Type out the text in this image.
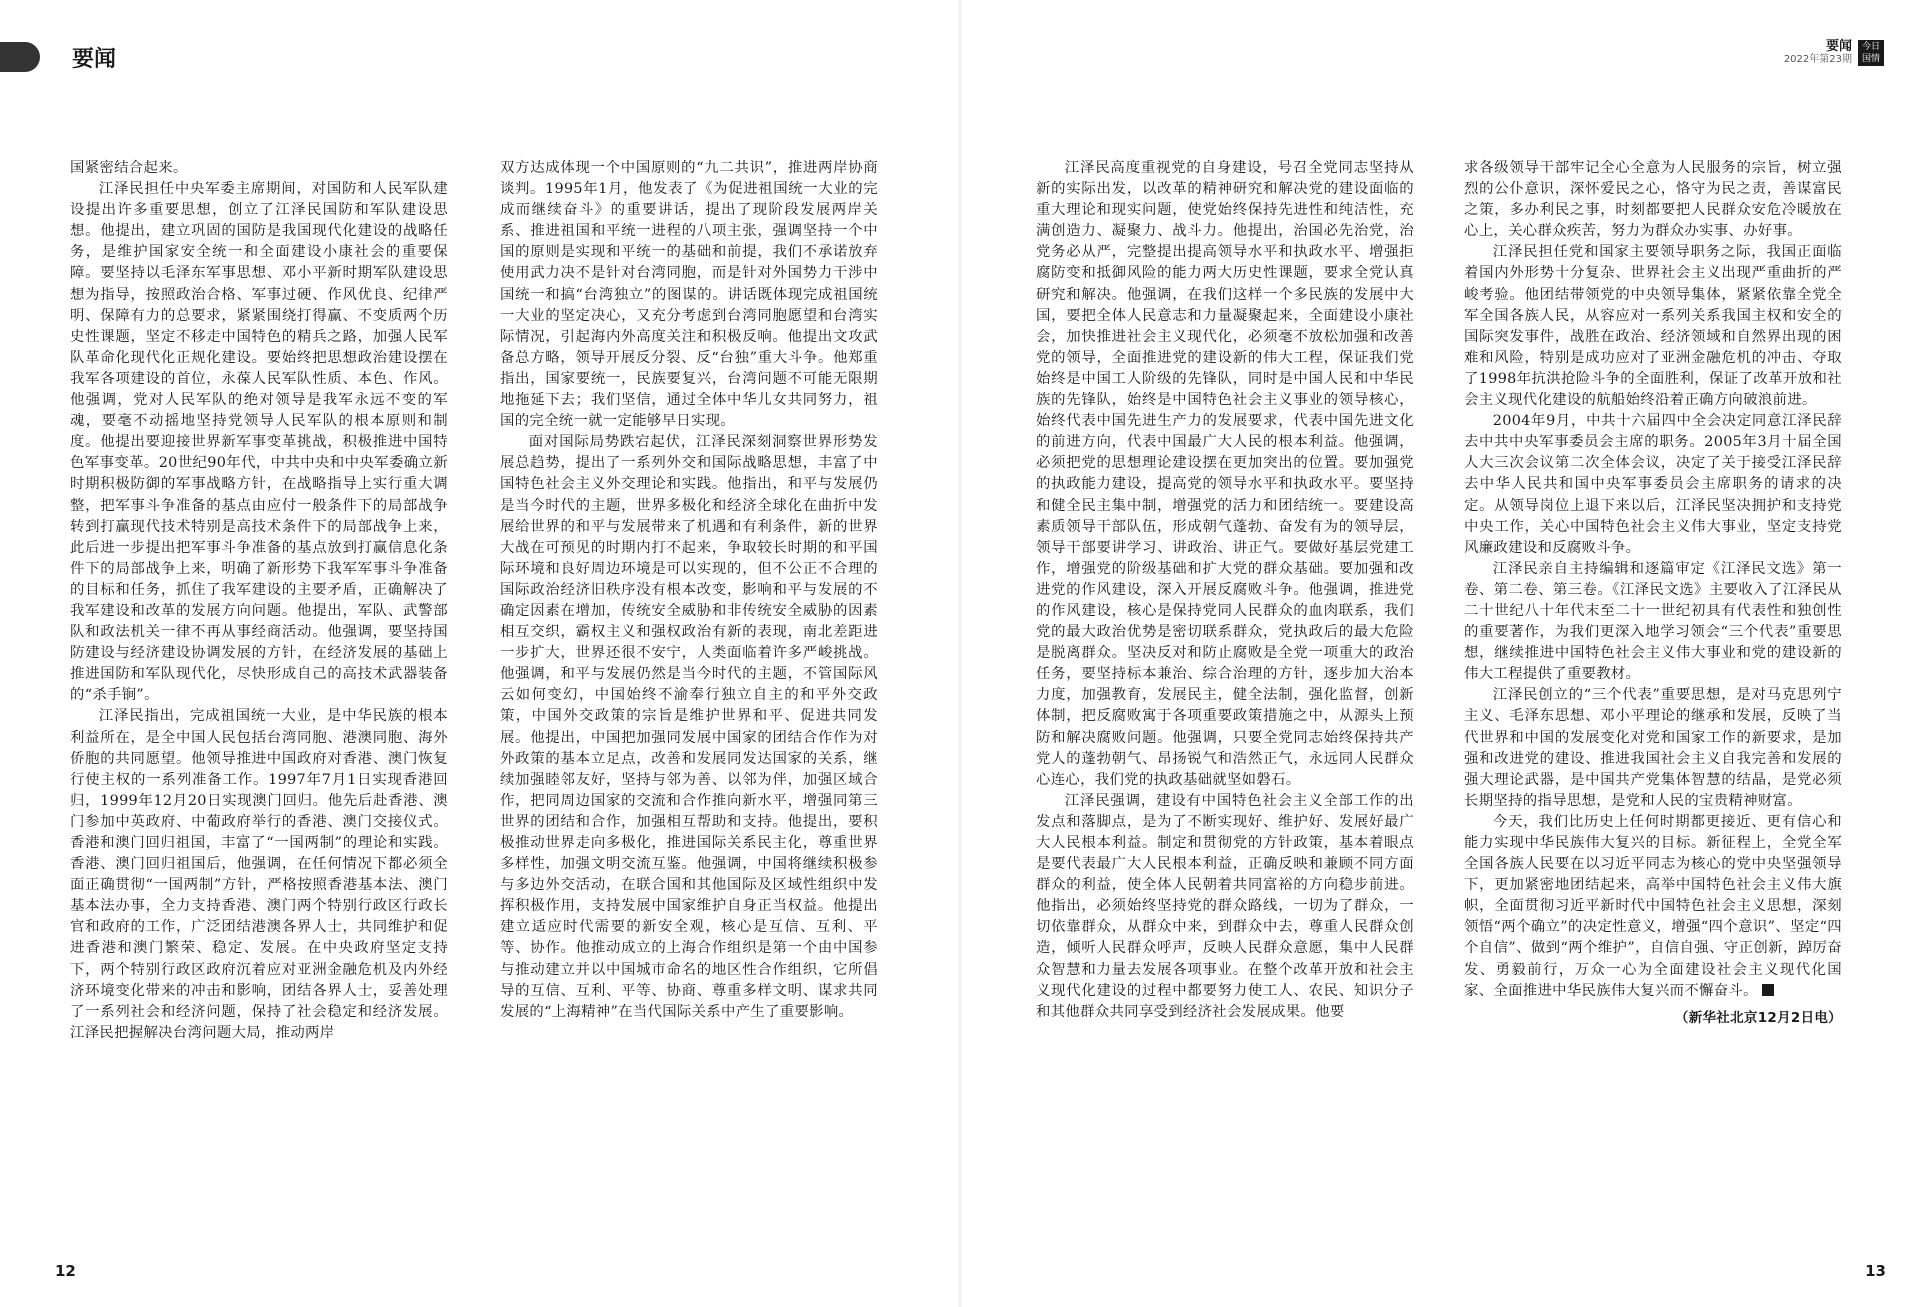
要闻

国紧密结合起来。

江泽民担任中央军委主席期间，对国防和人民军队建设提出许多重要思想，创立了江泽民国防和军队建设思想。他提出，建立巩固的国防是我国现代化建设的战略任务，是维护国家安全统一和全面建设小康社会的重要保障。要坚持以毛泽东军事思想、邓小平新时期军队建设思想为指导，按照政治合格、军事过硬、作风优良、纪律严明、保障有力的总要求，紧紧围绕打得赢、不变质两个历史性课题，坚定不移走中国特色的精兵之路，加强人民军队革命化现代化正规化建设。要始终把思想政治建设摆在我军各项建设的首位，永葆人民军队性质、本色、作风。他强调，党对人民军队的绝对领导是我军永远不变的军魂，要毫不动摇地坚持党领导人民军队的根本原则和制度。他提出要迎接世界新军事变革挑战，积极推进中国特色军事变革。20世纪90年代，中共中央和中央军委确立新时期积极防御的军事战略方针，在战略指导上实行重大调整，把军事斗争准备的基点由应付一般条件下的局部战争转到打赢现代技术特别是高技术条件下的局部战争上来，此后进一步提出把军事斗争准备的基点放到打赢信息化条件下的局部战争上来，明确了新形势下我军军事斗争准备的目标和任务，抓住了我军建设的主要矛盾，正确解决了我军建设和改革的发展方向问题。他提出，军队、武警部队和政法机关一律不再从事经商活动。他强调，要坚持国防建设与经济建设协调发展的方针，在经济发展的基础上推进国防和军队现代化，尽快形成自己的高技术武器装备的“杀手锏”。

江泽民指出，完成祖国统一大业，是中华民族的根本利益所在，是全中国人民包括台湾同胞、港澳同胞、海外侨胞的共同愿望。他领导推进中国政府对香港、澳门恢复行使主权的一系列准备工作。1997年7月1日实现香港回归，1999年12月20日实现澳门回归。他先后赴香港、澳门参加中英政府、中葡政府举行的香港、澳门交接仪式。香港和澳门回归祖国，丰富了“一国两制”的理论和实践。香港、澳门回归祖国后，他强调，在任何情况下都必须全面正确贯彻“一国两制”方针，严格按照香港基本法、澳门基本法办事，全力支持香港、澳门两个特别行政区行政长官和政府的工作，广泛团结港澳各界人士，共同维护和促进香港和澳门繁荣、稳定、发展。在中央政府坚定支持下，两个特别行政区政府沉着应对亚洲金融危机及内外经济环境变化带来的冲击和影响，团结各界人士，妥善处理了一系列社会和经济问题，保持了社会稳定和经济发展。江泽民把握解决台湾问题大局，推动两岸

双方达成体现一个中国原则的“九二共识”，推进两岸协商谈判。1995年1月，他发表了《为促进祖国统一大业的完成而继续奋斗》的重要讲话，提出了现阶段发展两岸关系、推进祖国和平统一进程的八项主张，强调坚持一个中国的原则是实现和平统一的基础和前提，我们不承诺放弃使用武力决不是针对台湾同胞，而是针对外国势力干涉中国统一和搞“台湾独立”的图谋的。讲话既体现完成祖国统一大业的坚定决心，又充分考虑到台湾同胞愿望和台湾实际情况，引起海内外高度关注和积极反响。他提出文攻武备总方略，领导开展反分裂、反“台独”重大斗争。他郑重指出，国家要统一，民族要复兴，台湾问题不可能无限期地拖延下去；我们坚信，通过全体中华儿女共同努力，祖国的完全统一就一定能够早日实现。

面对国际局势跌宕起伏，江泽民深刻洞察世界形势发展总趋势，提出了一系列外交和国际战略思想，丰富了中国特色社会主义外交理论和实践。他指出，和平与发展仍是当今时代的主题，世界多极化和经济全球化在曲折中发展给世界的和平与发展带来了机遇和有利条件，新的世界大战在可预见的时期内打不起来，争取较长时期的和平国际环境和良好周边环境是可以实现的，但不公正不合理的国际政治经济旧秩序没有根本改变，影响和平与发展的不确定因素在增加，传统安全威胁和非传统安全威胁的因素相互交织，霸权主义和强权政治有新的表现，南北差距进一步扩大，世界还很不安宁，人类面临着许多严峻挑战。他强调，和平与发展仍然是当今时代的主题，不管国际风云如何变幻，中国始终不渝奉行独立自主的和平外交政策，中国外交政策的宗旨是维护世界和平、促进共同发展。他提出，中国把加强同发展中国家的团结合作作为对外政策的基本立足点，改善和发展同发达国家的关系，继续加强睦邻友好，坚持与邻为善、以邻为伴，加强区域合作，把同周边国家的交流和合作推向新水平，增强同第三世界的团结和合作，加强相互帮助和支持。他提出，要积极推动世界走向多极化，推进国际关系民主化，尊重世界多样性，加强文明交流互鉴。他强调，中国将继续积极参与多边外交活动，在联合国和其他国际及区域性组织中发挥积极作用，支持发展中国家维护自身正当权益。他提出建立适应时代需要的新安全观，核心是互信、互利、平等、协作。他推动成立的上海合作组织是第一个由中国参与推动建立并以中国城市命名的地区性合作组织，它所倡导的互信、互利、平等、协商、尊重多样文明、谋求共同发展的“上海精神”在当代国际关系中产生了重要影响。

12
要闻
2022年第23期
今日
国情

江泽民高度重视党的自身建设，号召全党同志坚持从新的实际出发，以改革的精神研究和解决党的建设面临的重大理论和现实问题，使党始终保持先进性和纯洁性，充满创造力、凝聚力、战斗力。他提出，治国必先治党，治党务必从严，完整提出提高领导水平和执政水平、增强拒腐防变和抵御风险的能力两大历史性课题，要求全党认真研究和解决。他强调，在我们这样一个多民族的发展中大国，要把全体人民意志和力量凝聚起来，全面建设小康社会，加快推进社会主义现代化，必须毫不放松加强和改善党的领导，全面推进党的建设新的伟大工程，保证我们党始终是中国工人阶级的先锋队，同时是中国人民和中华民族的先锋队，始终是中国特色社会主义事业的领导核心，始终代表中国先进生产力的发展要求，代表中国先进文化的前进方向，代表中国最广大人民的根本利益。他强调，必须把党的思想理论建设摆在更加突出的位置。要加强党的执政能力建设，提高党的领导水平和执政水平。要坚持和健全民主集中制，增强党的活力和团结统一。要建设高素质领导干部队伍，形成朝气蓬勃、奋发有为的领导层，领导干部要讲学习、讲政治、讲正气。要做好基层党建工作，增强党的阶级基础和扩大党的群众基础。要加强和改进党的作风建设，深入开展反腐败斗争。他强调，推进党的作风建设，核心是保持党同人民群众的血肉联系，我们党的最大政治优势是密切联系群众，党执政后的最大危险是脱离群众。坚决反对和防止腐败是全党一项重大的政治任务，要坚持标本兼治、综合治理的方针，逐步加大治本力度，加强教育，发展民主，健全法制，强化监督，创新体制，把反腐败寓于各项重要政策措施之中，从源头上预防和解决腐败问题。他强调，只要全党同志始终保持共产党人的蓬勃朝气、昂扬锐气和浩然正气，永远同人民群众心连心，我们党的执政基础就坚如磐石。

江泽民强调，建设有中国特色社会主义全部工作的出发点和落脚点，是为了不断实现好、维护好、发展好最广大人民根本利益。制定和贯彻党的方针政策，基本着眼点是要代表最广大人民根本利益，正确反映和兼顾不同方面群众的利益，使全体人民朝着共同富裕的方向稳步前进。他指出，必须始终坚持党的群众路线，一切为了群众，一切依靠群众，从群众中来，到群众中去，尊重人民群众创造，倾听人民群众呼声，反映人民群众意愿，集中人民群众智慧和力量去发展各项事业。在整个改革开放和社会主义现代化建设的过程中都要努力使工人、农民、知识分子和其他群众共同享受到经济社会发展成果。他要

求各级领导干部牢记全心全意为人民服务的宗旨，树立强烈的公仆意识，深怀爱民之心，恪守为民之责，善谋富民之策，多办利民之事，时刻都要把人民群众安危冷暖放在心上，关心群众疾苦，努力为群众办实事、办好事。

江泽民担任党和国家主要领导职务之际，我国正面临着国内外形势十分复杂、世界社会主义出现严重曲折的严峻考验。他团结带领党的中央领导集体，紧紧依靠全党全军全国各族人民，从容应对一系列关系我国主权和安全的国际突发事件，战胜在政治、经济领域和自然界出现的困难和风险，特别是成功应对了亚洲金融危机的冲击、夺取了1998年抗洪抢险斗争的全面胜利，保证了改革开放和社会主义现代化建设的航船始终沿着正确方向破浪前进。

2004年9月，中共十六届四中全会决定同意江泽民辞去中共中央军事委员会主席的职务。2005年3月十届全国人大三次会议第二次全体会议，决定了关于接受江泽民辞去中华人民共和国中央军事委员会主席职务的请求的决定。从领导岗位上退下来以后，江泽民坚决拥护和支持党中央工作，关心中国特色社会主义伟大事业，坚定支持党风廉政建设和反腐败斗争。

江泽民亲自主持编辑和逐篇审定《江泽民文选》第一卷、第二卷、第三卷。《江泽民文选》主要收入了江泽民从二十世纪八十年代末至二十一世纪初具有代表性和独创性的重要著作，为我们更深入地学习领会“三个代表”重要思想，继续推进中国特色社会主义伟大事业和党的建设新的伟大工程提供了重要教材。

江泽民创立的“三个代表”重要思想，是对马克思列宁主义、毛泽东思想、邓小平理论的继承和发展，反映了当代世界和中国的发展变化对党和国家工作的新要求，是加强和改进党的建设、推进我国社会主义自我完善和发展的强大理论武器，是中国共产党集体智慧的结晶，是党必须长期坚持的指导思想，是党和人民的宝贵精神财富。

今天，我们比历史上任何时期都更接近、更有信心和能力实现中华民族伟大复兴的目标。新征程上，全党全军全国各族人民要在以习近平同志为核心的党中央坚强领导下，更加紧密地团结起来，高举中国特色社会主义伟大旗帜，全面贯彻习近平新时代中国特色社会主义思想，深刻领悟“两个确立”的决定性意义，增强“四个意识”、坚定“四个自信”、做到“两个维护”，自信自强、守正创新，踔厉奋发、勇毅前行，万众一心为全面建设社会主义现代化国家、全面推进中华民族伟大复兴而不懈奋斗。

（新华社北京12月2日电）
13
